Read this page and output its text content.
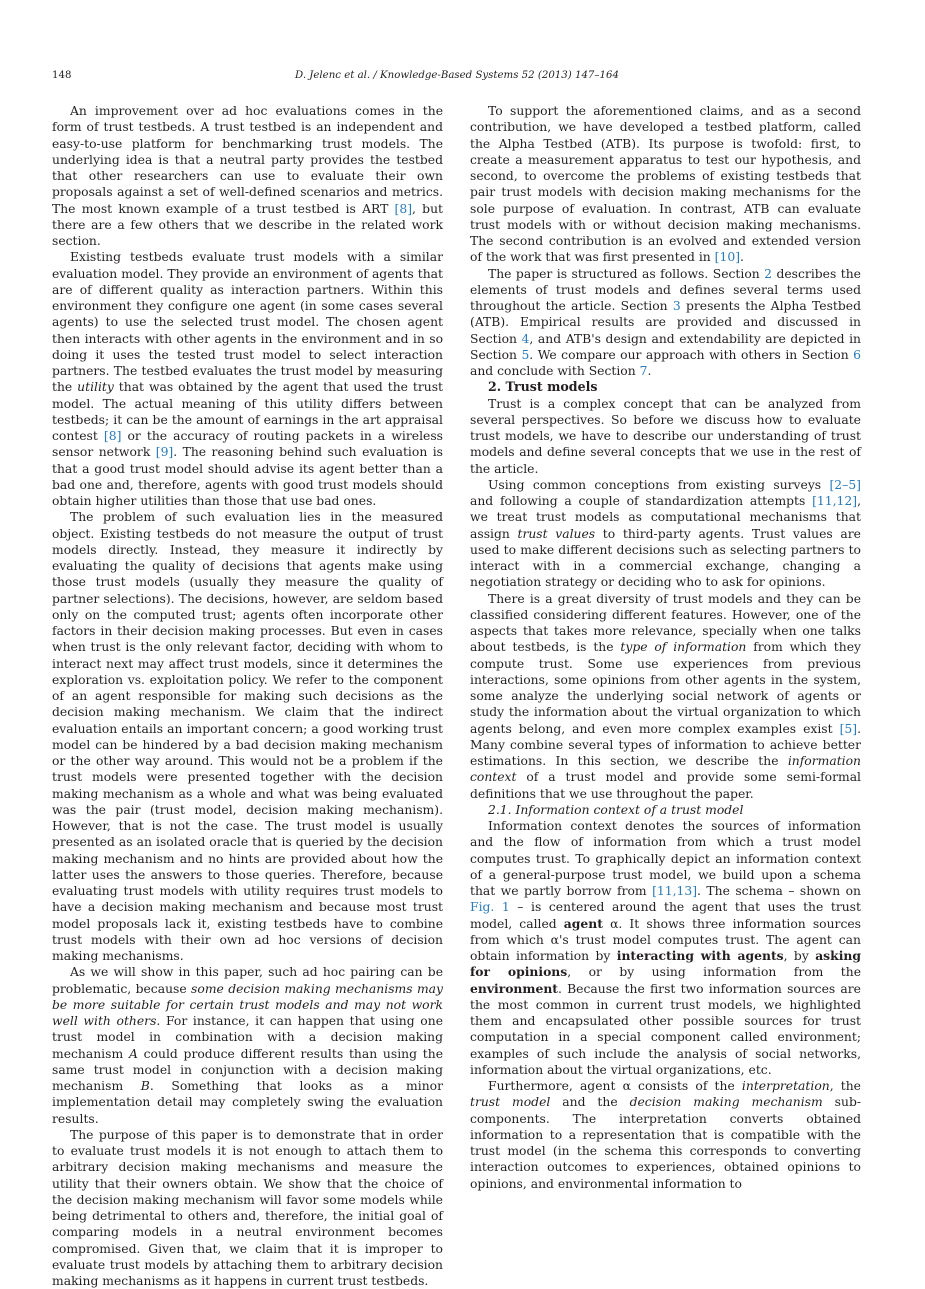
148	D. Jelenc et al. / Knowledge-Based Systems 52 (2013) 147–164

An improvement over ad hoc evaluations comes in the form of trust testbeds. A trust testbed is an independent and easy-to-use platform for benchmarking trust models. The underlying idea is that a neutral party provides the testbed that other researchers can use to evaluate their own proposals against a set of well-defined scenarios and metrics. The most known example of a trust testbed is ART [8], but there are a few others that we describe in the related work section.

Existing testbeds evaluate trust models with a similar evaluation model. They provide an environment of agents that are of different quality as interaction partners. Within this environment they configure one agent (in some cases several agents) to use the selected trust model. The chosen agent then interacts with other agents in the environment and in so doing it uses the tested trust model to select interaction partners. The testbed evaluates the trust model by measuring the utility that was obtained by the agent that used the trust model. The actual meaning of this utility differs between testbeds; it can be the amount of earnings in the art appraisal contest [8] or the accuracy of routing packets in a wireless sensor network [9]. The reasoning behind such evaluation is that a good trust model should advise its agent better than a bad one and, therefore, agents with good trust models should obtain higher utilities than those that use bad ones.

The problem of such evaluation lies in the measured object. Existing testbeds do not measure the output of trust models directly. Instead, they measure it indirectly by evaluating the quality of decisions that agents make using those trust models (usually they measure the quality of partner selections). The decisions, however, are seldom based only on the computed trust; agents often incorporate other factors in their decision making processes. But even in cases when trust is the only relevant factor, deciding with whom to interact next may affect trust models, since it determines the exploration vs. exploitation policy. We refer to the component of an agent responsible for making such decisions as the decision making mechanism. We claim that the indirect evaluation entails an important concern; a good working trust model can be hindered by a bad decision making mechanism or the other way around. This would not be a problem if the trust models were presented together with the decision making mechanism as a whole and what was being evaluated was the pair (trust model, decision making mechanism). However, that is not the case. The trust model is usually presented as an isolated oracle that is queried by the decision making mechanism and no hints are provided about how the latter uses the answers to those queries. Therefore, because evaluating trust models with utility requires trust models to have a decision making mechanism and because most trust model proposals lack it, existing testbeds have to combine trust models with their own ad hoc versions of decision making mechanisms.

As we will show in this paper, such ad hoc pairing can be problematic, because some decision making mechanisms may be more suitable for certain trust models and may not work well with others. For instance, it can happen that using one trust model in combination with a decision making mechanism A could produce different results than using the same trust model in conjunction with a decision making mechanism B. Something that looks as a minor implementation detail may completely swing the evaluation results.

The purpose of this paper is to demonstrate that in order to evaluate trust models it is not enough to attach them to arbitrary decision making mechanisms and measure the utility that their owners obtain. We show that the choice of the decision making mechanism will favor some models while being detrimental to others and, therefore, the initial goal of comparing models in a neutral environment becomes compromised. Given that, we claim that it is improper to evaluate trust models by attaching them to arbitrary decision making mechanisms as it happens in current trust testbeds.

To support the aforementioned claims, and as a second contribution, we have developed a testbed platform, called the Alpha Testbed (ATB). Its purpose is twofold: first, to create a measurement apparatus to test our hypothesis, and second, to overcome the problems of existing testbeds that pair trust models with decision making mechanisms for the sole purpose of evaluation. In contrast, ATB can evaluate trust models with or without decision making mechanisms. The second contribution is an evolved and extended version of the work that was first presented in [10].

The paper is structured as follows. Section 2 describes the elements of trust models and defines several terms used throughout the article. Section 3 presents the Alpha Testbed (ATB). Empirical results are provided and discussed in Section 4, and ATB's design and extendability are depicted in Section 5. We compare our approach with others in Section 6 and conclude with Section 7.

2. Trust models

Trust is a complex concept that can be analyzed from several perspectives. So before we discuss how to evaluate trust models, we have to describe our understanding of trust models and define several concepts that we use in the rest of the article.

Using common conceptions from existing surveys [2–5] and following a couple of standardization attempts [11,12], we treat trust models as computational mechanisms that assign trust values to third-party agents. Trust values are used to make different decisions such as selecting partners to interact with in a commercial exchange, changing a negotiation strategy or deciding who to ask for opinions.

There is a great diversity of trust models and they can be classified considering different features. However, one of the aspects that takes more relevance, specially when one talks about testbeds, is the type of information from which they compute trust. Some use experiences from previous interactions, some opinions from other agents in the system, some analyze the underlying social network of agents or study the information about the virtual organization to which agents belong, and even more complex examples exist [5]. Many combine several types of information to achieve better estimations. In this section, we describe the information context of a trust model and provide some semi-formal definitions that we use throughout the paper.

2.1. Information context of a trust model

Information context denotes the sources of information and the flow of information from which a trust model computes trust. To graphically depict an information context of a general-purpose trust model, we build upon a schema that we partly borrow from [11,13]. The schema – shown on Fig. 1 – is centered around the agent that uses the trust model, called agent α. It shows three information sources from which α's trust model computes trust. The agent can obtain information by interacting with agents, by asking for opinions, or by using information from the environment. Because the first two information sources are the most common in current trust models, we highlighted them and encapsulated other possible sources for trust computation in a special component called environment; examples of such include the analysis of social networks, information about the virtual organizations, etc.

Furthermore, agent α consists of the interpretation, the trust model and the decision making mechanism sub-components. The interpretation converts obtained information to a representation that is compatible with the trust model (in the schema this corresponds to converting interaction outcomes to experiences, obtained opinions to opinions, and environmental information to
